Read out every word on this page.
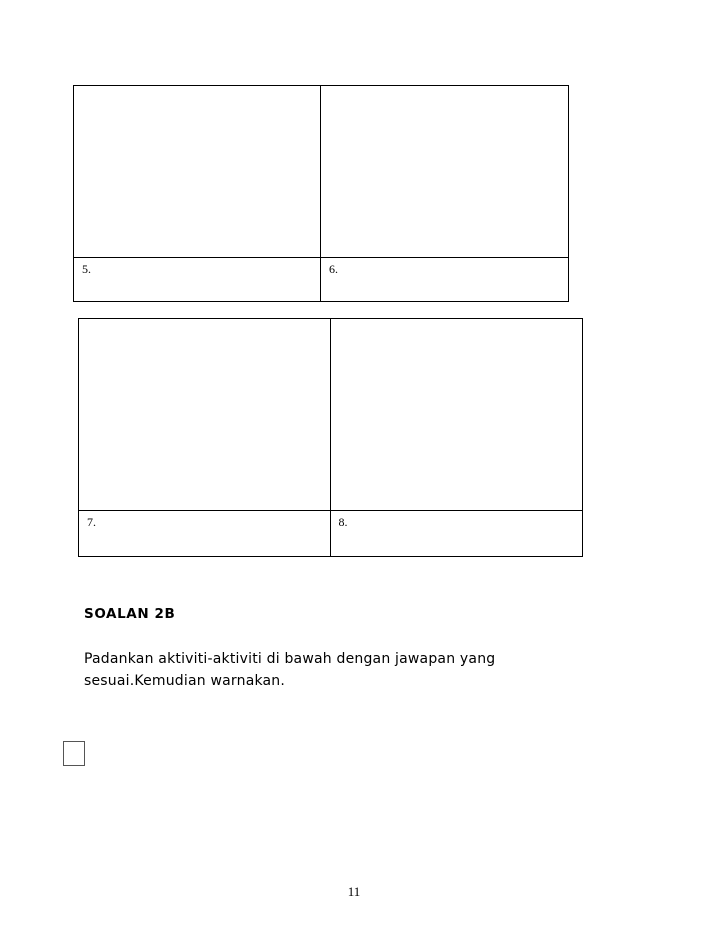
5.	6.
7.	8.
SOALAN 2B
Padankan aktiviti-aktiviti di bawah dengan jawapan yang
sesuai.Kemudian warnakan.
11
